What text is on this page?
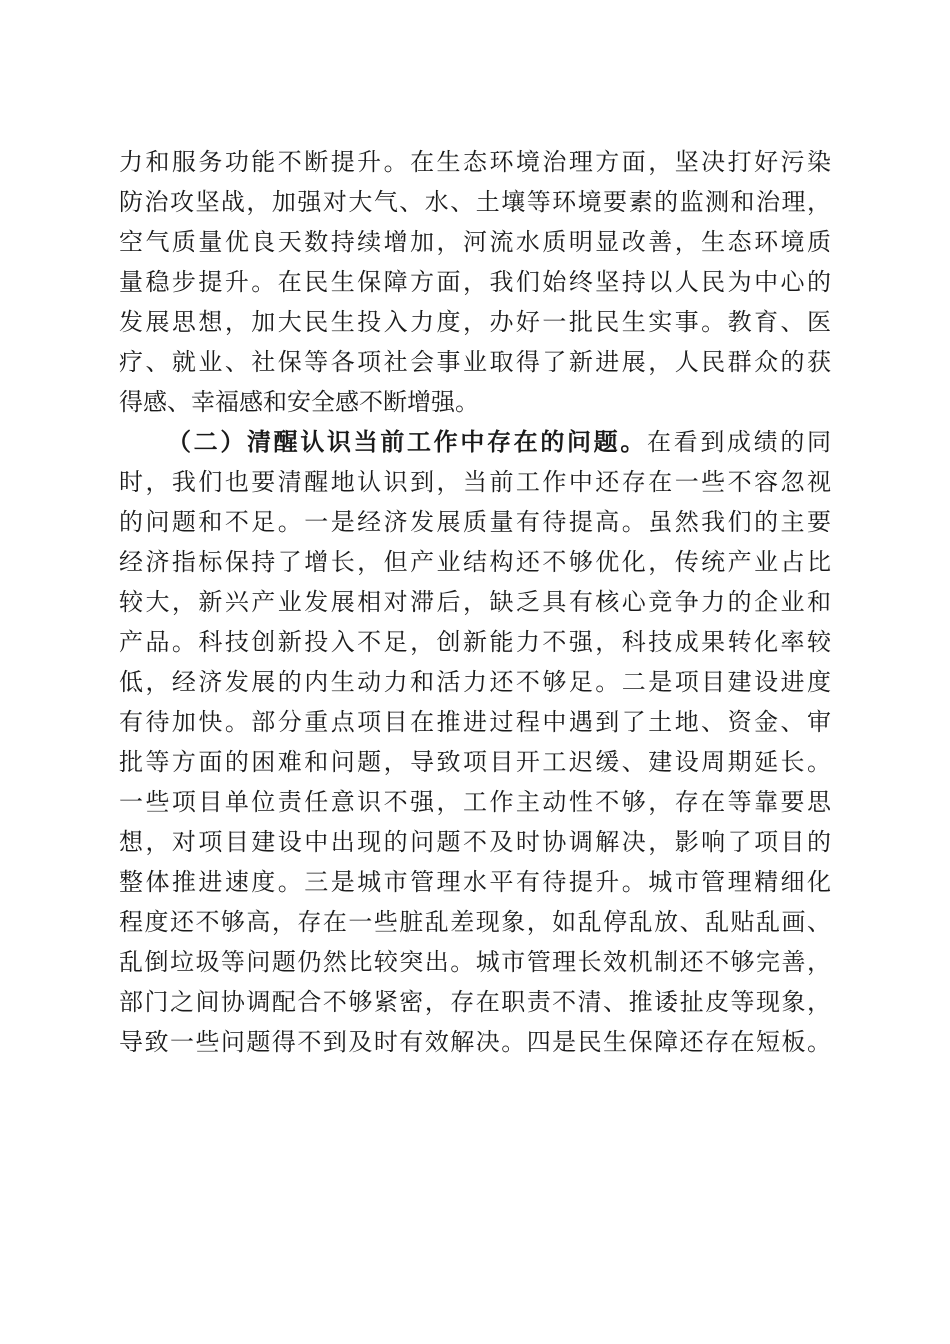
力和服务功能不断提升。在生态环境治理方面，坚决打好污染
防治攻坚战，加强对大气、水、土壤等环境要素的监测和治理，
空气质量优良天数持续增加，河流水质明显改善，生态环境质
量稳步提升。在民生保障方面，我们始终坚持以人民为中心的
发展思想，加大民生投入力度，办好一批民生实事。教育、医
疗、就业、社保等各项社会事业取得了新进展，人民群众的获
得感、幸福感和安全感不断增强。
（二）清醒认识当前工作中存在的问题。在看到成绩的同
时，我们也要清醒地认识到，当前工作中还存在一些不容忽视
的问题和不足。一是经济发展质量有待提高。虽然我们的主要
经济指标保持了增长，但产业结构还不够优化，传统产业占比
较大，新兴产业发展相对滞后，缺乏具有核心竞争力的企业和
产品。科技创新投入不足，创新能力不强，科技成果转化率较
低，经济发展的内生动力和活力还不够足。二是项目建设进度
有待加快。部分重点项目在推进过程中遇到了土地、资金、审
批等方面的困难和问题，导致项目开工迟缓、建设周期延长。
一些项目单位责任意识不强，工作主动性不够，存在等靠要思
想，对项目建设中出现的问题不及时协调解决，影响了项目的
整体推进速度。三是城市管理水平有待提升。城市管理精细化
程度还不够高，存在一些脏乱差现象，如乱停乱放、乱贴乱画、
乱倒垃圾等问题仍然比较突出。城市管理长效机制还不够完善，
部门之间协调配合不够紧密，存在职责不清、推诿扯皮等现象，
导致一些问题得不到及时有效解决。四是民生保障还存在短板。
